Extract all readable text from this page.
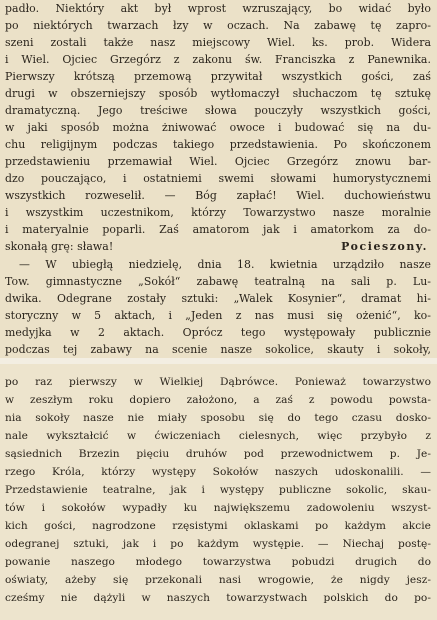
padło. Niektóry akt był wprost wzruszający, bo widać było
po niektórych twarzach łzy w oczach. Na zabawę tę zapro-
szeni zostali także nasz miejscowy Wiel. ks. prob. Widera
i Wiel. Ojciec Grzegórz z zakonu św. Franciszka z Panewnika.
Pierwszy krótszą przemową przywitał wszystkich gości, zaś
drugi w obszerniejszy sposób wytłomaczył słuchaczom tę sztukę
dramatyczną. Jego treściwe słowa pouczyły wszystkich gości,
w jaki sposób można żniwować owoce i budować się na du-
chu religijnym podczas takiego przedstawienia. Po skończonem
przedstawieniu przemawiał Wiel. Ojciec Grzegórz znowu bar-
dzo pouczająco, i ostatniemi swemi słowami humorystycznemi
wszystkich rozweselił. — Bóg zapłać! Wiel. duchowieństwu
i wszystkim uczestnikom, którzy Towarzystwo nasze moralnie
i materyalnie poparli. Zaś amatorom jak i amatorkom za do-
skonałą grę: sława!	Pocieszony.
— W ubiegłą niedzielę, dnia 18. kwietnia urządziło nasze
Tow. gimnastyczne „Sokół“ zabawę teatralną na sali p. Lu-
dwika. Odegrane zostały sztuki: „Walek Kosynier“, dramat hi-
storyczny w 5 aktach, i „Jeden z nas musi się ożenić“, ko-
medyjka w 2 aktach. Oprócz tego występowały publicznie
podczas tej zabawy na scenie nasze sokolice, skauty i sokoły,
po raz pierwszy w Wielkiej Dąbrówce. Ponieważ towarzystwo
w zeszłym roku dopiero założono, a zaś z powodu powsta-
nia sokoły nasze nie miały sposobu się do tego czasu dosko-
nale wykształcić w ćwiczeniach cielesnych, więc przybyło z
sąsiednich Brzezin pięciu druhów pod przewodnictwem p. Je-
rzego Króla, którzy występy Sokołów naszych udoskonalili. —
Przedstawienie teatralne, jak i występy publiczne sokolic, skau-
tów i sokołów wypadły ku największemu zadowoleniu wszyst-
kich gości, nagrodzone rzęsistymi oklaskami po każdym akcie
odegranej sztuki, jak i po każdym występie. — Niechaj postę-
powanie naszego młodego towarzystwa pobudzi drugich do
oświaty, ażeby się przekonali nasi wrogowie, że nigdy jesz-
cześmy nie dążyli w naszych towarzystwach polskich do po-
